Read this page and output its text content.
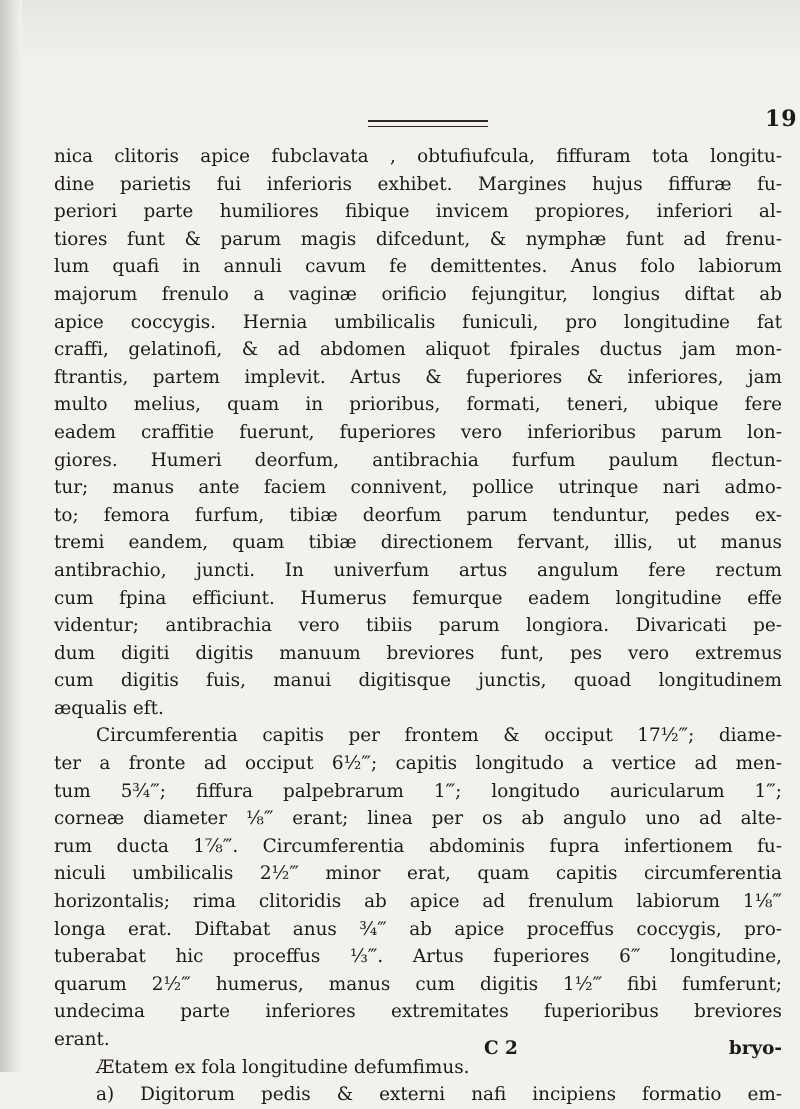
19
nica clitoris apice fubclavata , obtufiufcula, fiffuram tota longitu-
dine parietis fui inferioris exhibet. Margines hujus fiffuræ fu-
periori parte humiliores fibique invicem propiores, inferiori al-
tiores funt & parum magis difcedunt, & nymphæ funt ad frenu-
lum quafi in annuli cavum fe demittentes. Anus folo labiorum
majorum frenulo a vaginæ orificio fejungitur, longius diftat ab
apice coccygis. Hernia umbilicalis funiculi, pro longitudine fat
craffi, gelatinofi, & ad abdomen aliquot fpirales ductus jam mon-
ftrantis, partem implevit. Artus & fuperiores & inferiores, jam
multo melius, quam in prioribus, formati, teneri, ubique fere
eadem craffitie fuerunt, fuperiores vero inferioribus parum lon-
giores. Humeri deorfum, antibrachia furfum paulum flectun-
tur; manus ante faciem connivent, pollice utrinque nari admo-
to; femora furfum, tibiæ deorfum parum tenduntur, pedes ex-
tremi eandem, quam tibiæ directionem fervant, illis, ut manus
antibrachio, juncti. In univerfum artus angulum fere rectum
cum fpina efficiunt. Humerus femurque eadem longitudine effe
videntur; antibrachia vero tibiis parum longiora. Divaricati pe-
dum digiti digitis manuum breviores funt, pes vero extremus
cum digitis fuis, manui digitisque junctis, quoad longitudinem
æqualis eft.
Circumferentia capitis per frontem & occiput 17½‴; diame-
ter a fronte ad occiput 6½‴; capitis longitudo a vertice ad men-
tum 5¾‴; fiffura palpebrarum 1‴; longitudo auricularum 1‴;
corneæ diameter ⅛‴ erant; linea per os ab angulo uno ad alte-
rum ducta 1⅞‴. Circumferentia abdominis fupra infertionem fu-
niculi umbilicalis 2½‴ minor erat, quam capitis circumferentia
horizontalis; rima clitoridis ab apice ad frenulum labiorum 1⅛‴
longa erat. Diftabat anus ¾‴ ab apice proceffus coccygis, pro-
tuberabat hic proceffus ⅓‴. Artus fuperiores 6‴ longitudine,
quarum 2½‴ humerus, manus cum digitis 1½‴ fibi fumferunt;
undecima parte inferiores extremitates fuperioribus breviores
erant.
Ætatem ex fola longitudine defumfimus.
a) Digitorum pedis & externi nafi incipiens formatio em-
C 2	bryo-
